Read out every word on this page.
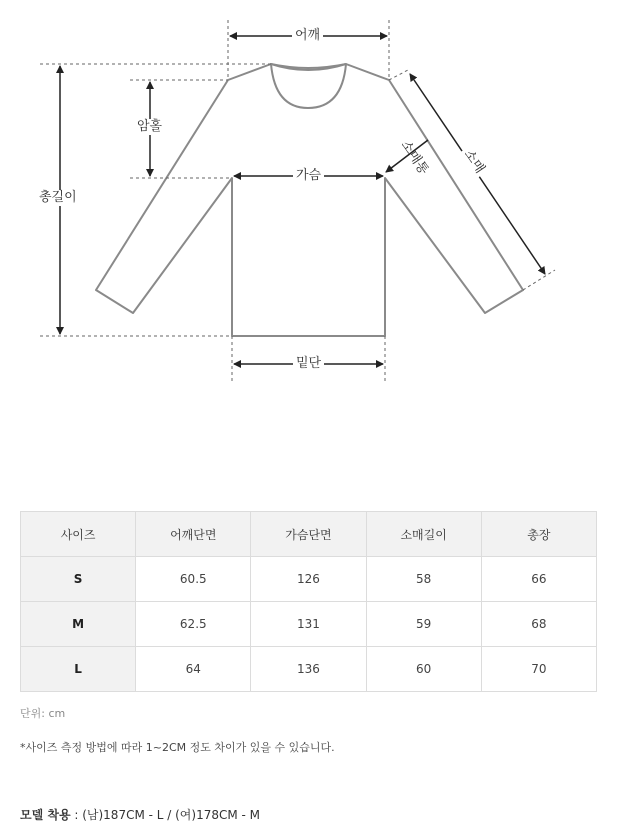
어깨
암홀
가슴
총길이
밑단
소매
소매통
사이즈	어깨단면	가슴단면	소매길이	총장
S	60.5	126	58	66
M	62.5	131	59	68
L	64	136	60	70
단위: cm
*사이즈 측정 방법에 따라 1~2CM 정도 차이가 있을 수 있습니다.
모델 착용 : (남)187CM - L / (여)178CM - M
